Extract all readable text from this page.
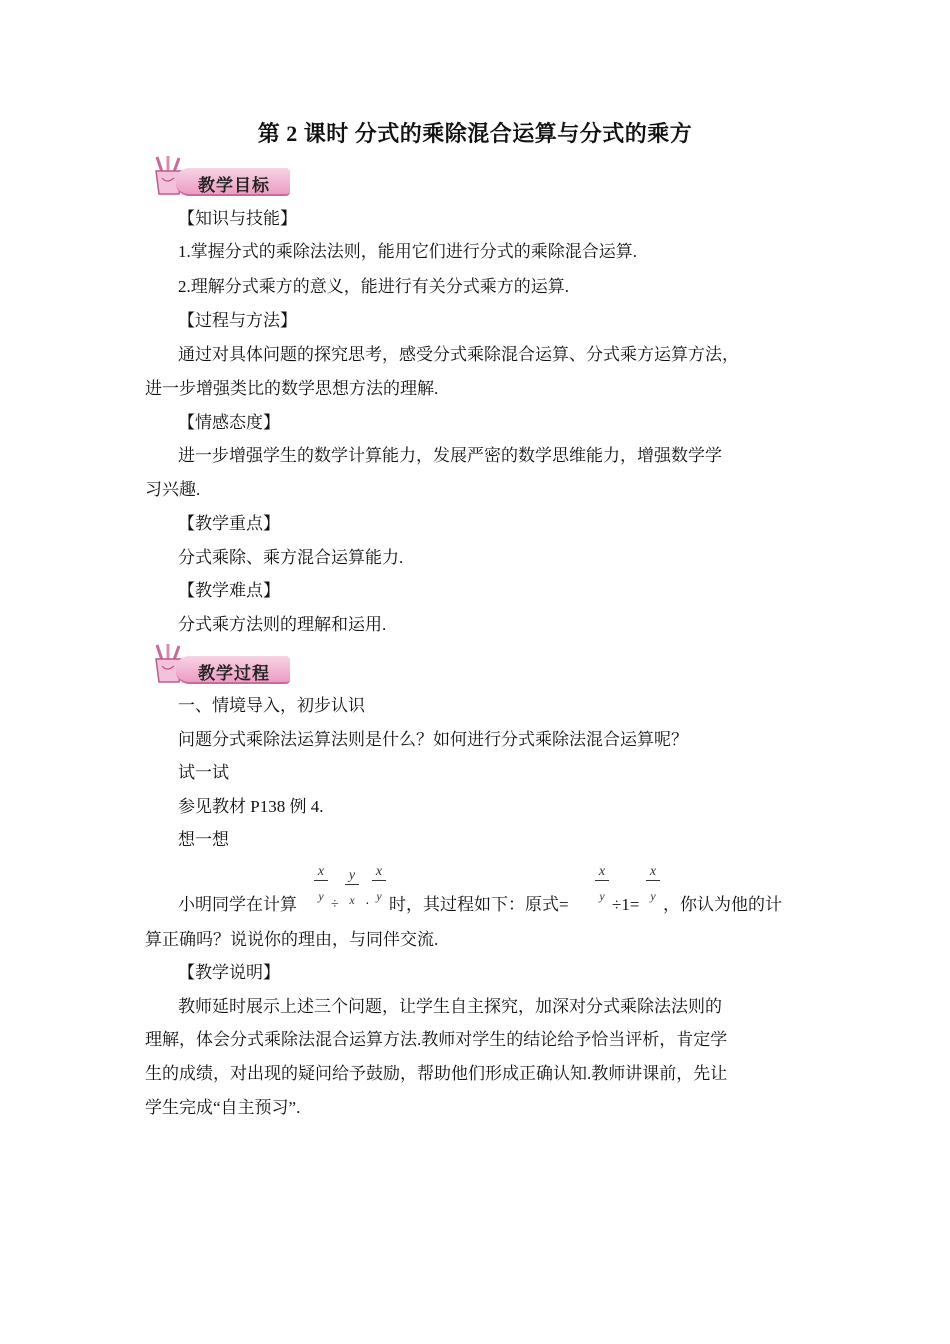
第 2 课时 分式的乘除混合运算与分式的乘方
教学目标
【知识与技能】
1.掌握分式的乘除法法则，能用它们进行分式的乘除混合运算.
2.理解分式乘方的意义，能进行有关分式乘方的运算.
【过程与方法】
通过对具体问题的探究思考，感受分式乘除混合运算、分式乘方运算方法，
进一步增强类比的数学思想方法的理解.
【情感态度】
进一步增强学生的数学计算能力，发展严密的数学思维能力，增强数学学
习兴趣.
【教学重点】
分式乘除、乘方混合运算能力.
【教学难点】
分式乘方法则的理解和运用.
教学过程
一、情境导入，初步认识
问题分式乘除法运算法则是什么？如何进行分式乘除法混合运算呢？
试一试
参见教材 P138 例 4.
想一想
x
y
y
x
x
y
x
y
x
y
小明同学在计算 ÷ · 时，其过程如下：原式=	÷1= ，你认为他的计
算正确吗？说说你的理由，与同伴交流.
【教学说明】
教师延时展示上述三个问题，让学生自主探究，加深对分式乘除法法则的
理解，体会分式乘除法混合运算方法.教师对学生的结论给予恰当评析，肯定学
生的成绩，对出现的疑问给予鼓励，帮助他们形成正确认知.教师讲课前，先让
学生完成“自主预习”.
